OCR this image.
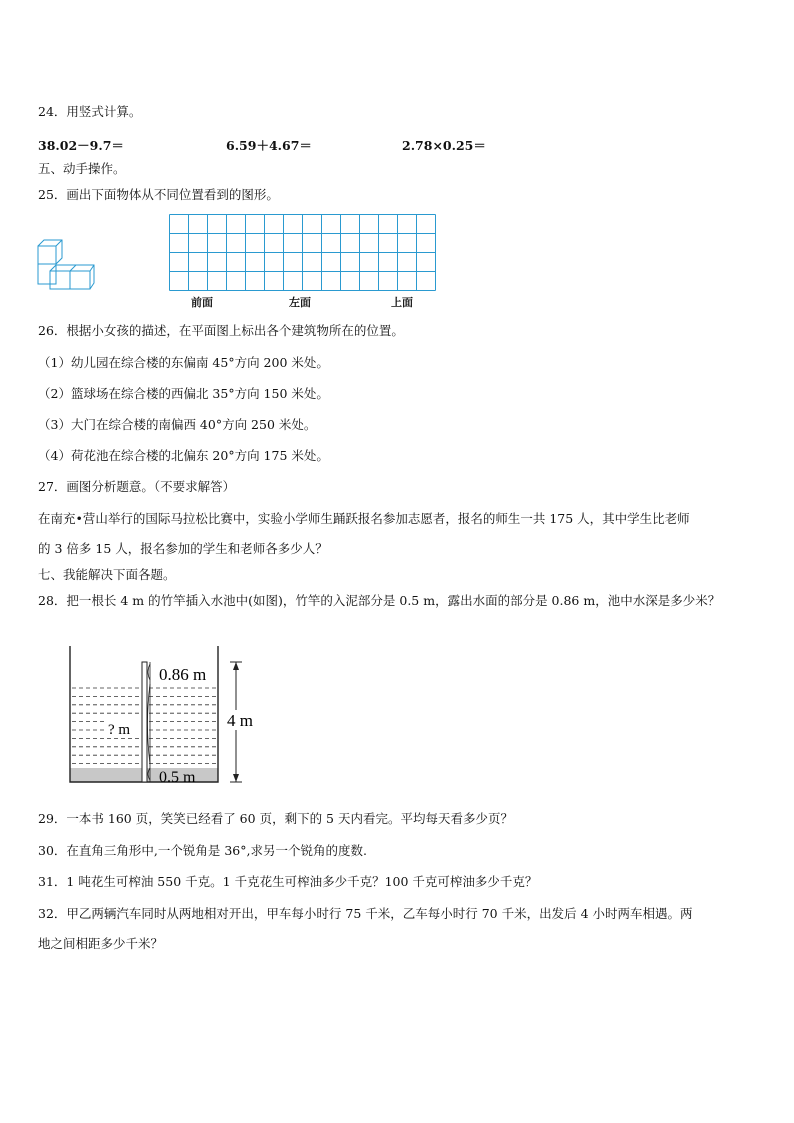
24．用竖式计算。
38.02－9.7＝	6.59＋4.67＝	2.78×0.25＝
五、动手操作。
25．画出下面物体从不同位置看到的图形。
前面	左面	上面
26．根据小女孩的描述，在平面图上标出各个建筑物所在的位置。
（1）幼儿园在综合楼的东偏南 45°方向 200 米处。
（2）篮球场在综合楼的西偏北 35°方向 150 米处。
（3）大门在综合楼的南偏西 40°方向 250 米处。
（4）荷花池在综合楼的北偏东 20°方向 175 米处。
27．画图分析题意。（不要求解答）
在南充•营山举行的国际马拉松比赛中，实验小学师生踊跃报名参加志愿者，报名的师生一共 175 人，其中学生比老师
的 3 倍多 15 人，报名参加的学生和老师各多少人？
七、我能解决下面各题。
28．把一根长 4 m 的竹竿插入水池中(如图)，竹竿的入泥部分是 0.5 m，露出水面的部分是 0.86 m，池中水深是多少米？
? m
0.86 m
0.5 m
4 m
29．一本书 160 页，笑笑已经看了 60 页，剩下的 5 天内看完。平均每天看多少页？
30．在直角三角形中,一个锐角是 36°,求另一个锐角的度数.
31．1 吨花生可榨油 550 千克。1 千克花生可榨油多少千克？100 千克可榨油多少千克？
32．甲乙两辆汽车同时从两地相对开出，甲车每小时行 75 千米，乙车每小时行 70 千米，出发后 4 小时两车相遇。两
地之间相距多少千米？
